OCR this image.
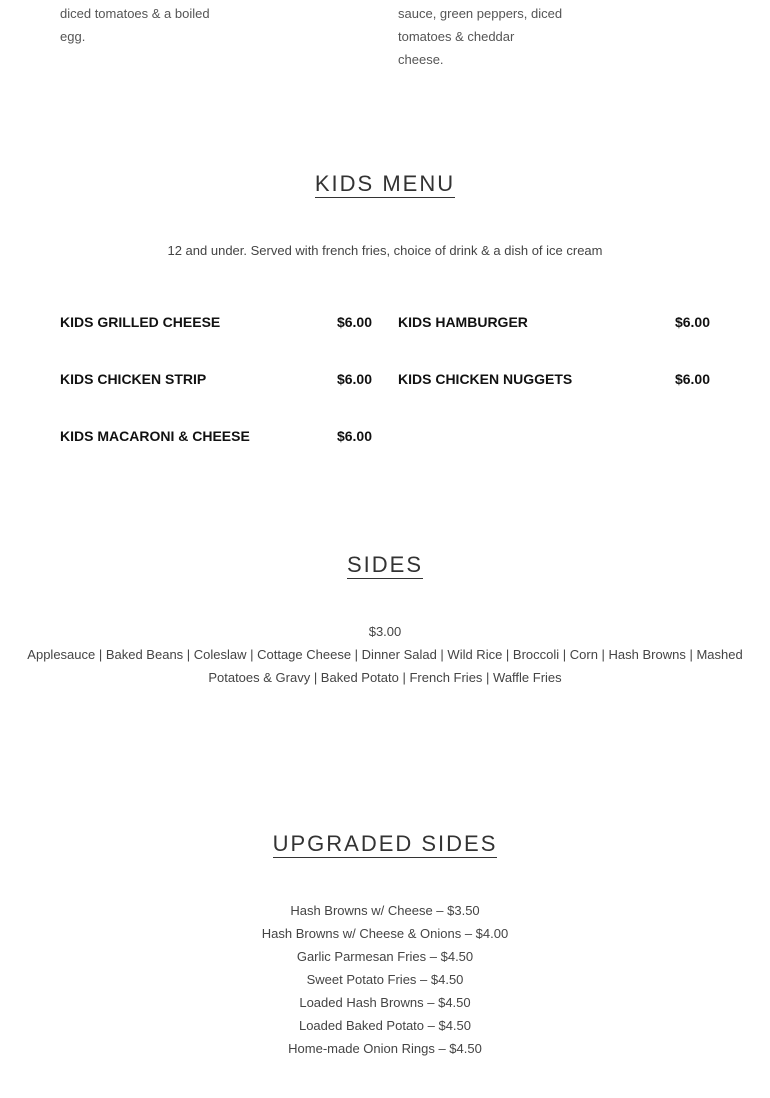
diced tomatoes & a boiled
egg.
sauce, green peppers, diced
tomatoes & cheddar
cheese.
KIDS MENU
12 and under. Served with french fries, choice of drink & a dish of ice cream
KIDS GRILLED CHEESE	$6.00 KIDS HAMBURGER	$6.00
KIDS CHICKEN STRIP	$6.00 KIDS CHICKEN NUGGETS	$6.00
KIDS MACARONI & CHEESE	$6.00
SIDES
$3.00
Applesauce | Baked Beans | Coleslaw | Cottage Cheese | Dinner Salad | Wild Rice | Broccoli | Corn | Hash Browns | Mashed Potatoes & Gravy | Baked Potato | French Fries | Waffle Fries
UPGRADED SIDES
Hash Browns w/ Cheese – $3.50
Hash Browns w/ Cheese & Onions – $4.00
Garlic Parmesan Fries – $4.50
Sweet Potato Fries – $4.50
Loaded Hash Browns – $4.50
Loaded Baked Potato – $4.50
Home-made Onion Rings – $4.50
